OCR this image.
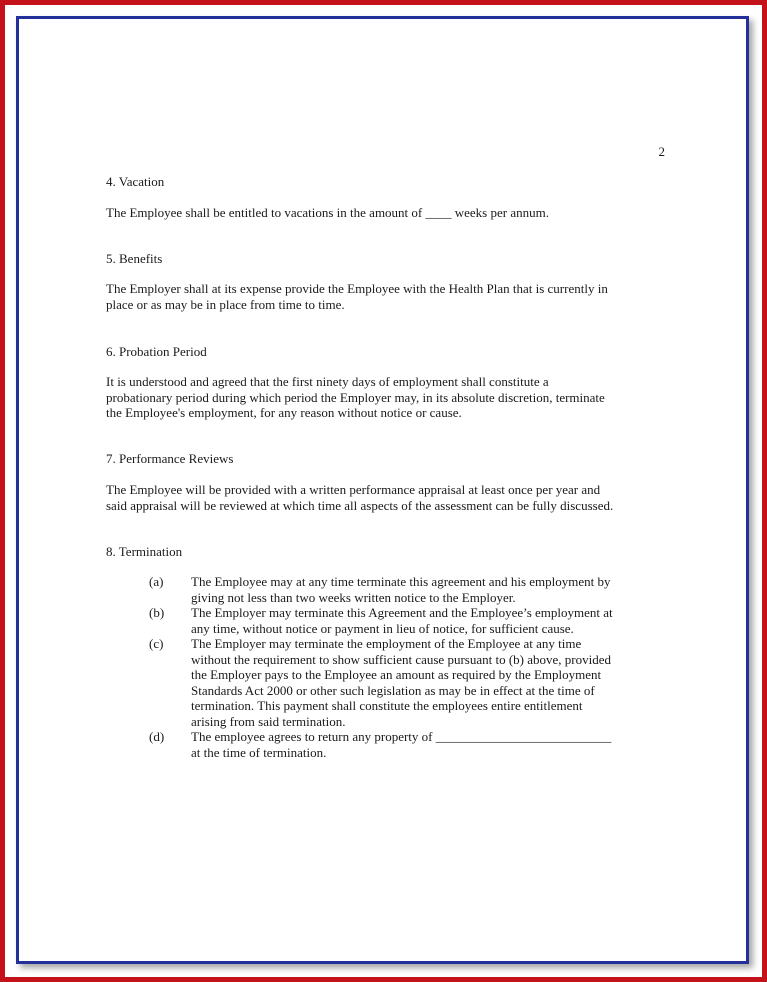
2
4. Vacation
The Employee shall be entitled to vacations in the amount of ____ weeks per annum.
5. Benefits
The Employer shall at its expense provide the Employee with the Health Plan that is currently in
place or as may be in place from time to time.
6. Probation Period
It is understood and agreed that the first ninety days of employment shall constitute a
probationary period during which period the Employer may, in its absolute discretion, terminate
the Employee's employment, for any reason without notice or cause.
7. Performance Reviews
The Employee will be provided with a written performance appraisal at least once per year and
said appraisal will be reviewed at which time all aspects of the assessment can be fully discussed.
8. Termination
(a)	The Employee may at any time terminate this agreement and his employment by
giving not less than two weeks written notice to the Employer.
(b)	The Employer may terminate this Agreement and the Employee’s employment at
any time, without notice or payment in lieu of notice, for sufficient cause.
(c)	The Employer may terminate the employment of the Employee at any time
without the requirement to show sufficient cause pursuant to (b) above, provided
the Employer pays to the Employee an amount as required by the Employment
Standards Act 2000 or other such legislation as may be in effect at the time of
termination. This payment shall constitute the employees entire entitlement
arising from said termination.
(d)	The employee agrees to return any property of ___________________________
at the time of termination.
